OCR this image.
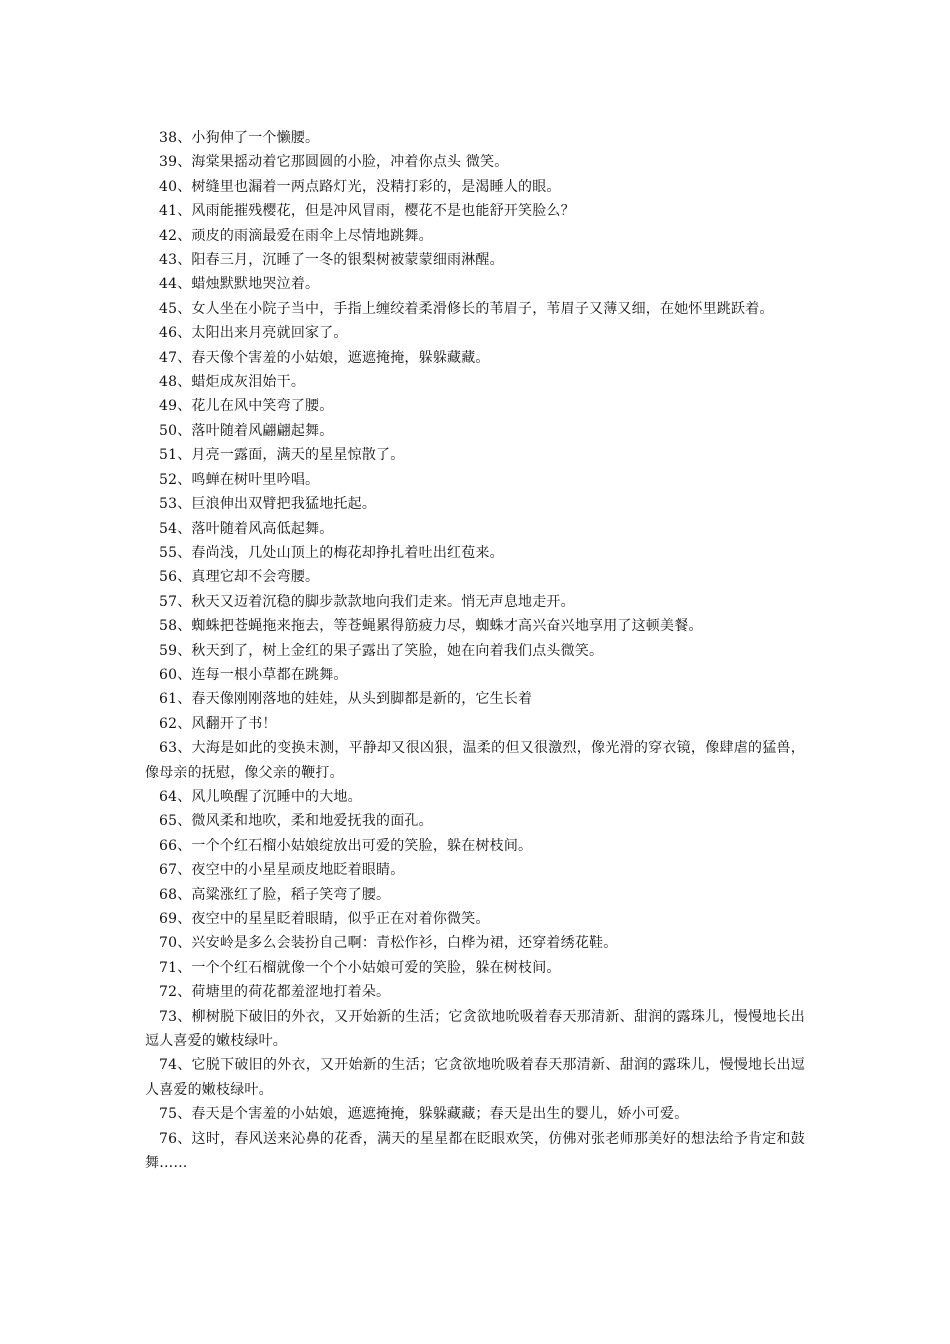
38、小狗伸了一个懒腰。

39、海棠果摇动着它那圆圆的小脸，冲着你点头 微笑。

40、树缝里也漏着一两点路灯光，没精打彩的，是渴睡人的眼。

41、风雨能摧残樱花，但是冲风冒雨，樱花不是也能舒开笑脸么？

42、顽皮的雨滴最爱在雨伞上尽情地跳舞。

43、阳春三月，沉睡了一冬的银梨树被蒙蒙细雨淋醒。

44、蜡烛默默地哭泣着。

45、女人坐在小院子当中，手指上缠绞着柔滑修长的苇眉子，苇眉子又薄又细，在她怀里跳跃着。

46、太阳出来月亮就回家了。

47、春天像个害羞的小姑娘，遮遮掩掩，躲躲藏藏。

48、蜡炬成灰泪始干。

49、花儿在风中笑弯了腰。

50、落叶随着风翩翩起舞。

51、月亮一露面，满天的星星惊散了。

52、鸣蝉在树叶里吟唱。

53、巨浪伸出双臂把我猛地托起。

54、落叶随着风高低起舞。

55、春尚浅，几处山顶上的梅花却挣扎着吐出红苞来。

56、真理它却不会弯腰。

57、秋天又迈着沉稳的脚步款款地向我们走来。悄无声息地走开。

58、蜘蛛把苍蝇拖来拖去，等苍蝇累得筋疲力尽，蜘蛛才高兴奋兴地享用了这顿美餐。

59、秋天到了，树上金红的果子露出了笑脸，她在向着我们点头微笑。

60、连每一根小草都在跳舞。

61、春天像刚刚落地的娃娃，从头到脚都是新的，它生长着

62、风翻开了书！

63、大海是如此的变换末测，平静却又很凶狠，温柔的但又很激烈，像光滑的穿衣镜，像肆虐的猛兽，像母亲的抚慰，像父亲的鞭打。

64、风儿唤醒了沉睡中的大地。

65、微风柔和地吹，柔和地爱抚我的面孔。

66、一个个红石榴小姑娘绽放出可爱的笑脸，躲在树枝间。

67、夜空中的小星星顽皮地眨着眼睛。

68、高粱涨红了脸，稻子笑弯了腰。

69、夜空中的星星眨着眼睛，似乎正在对着你微笑。

70、兴安岭是多么会装扮自己啊：青松作衫，白桦为裙，还穿着绣花鞋。

71、一个个红石榴就像一个个小姑娘可爱的笑脸，躲在树枝间。

72、荷塘里的荷花都羞涩地打着朵。

73、柳树脱下破旧的外衣，又开始新的生活；它贪欲地吮吸着春天那清新、甜润的露珠儿，慢慢地长出逗人喜爱的嫩枝绿叶。

74、它脱下破旧的外衣，又开始新的生活；它贪欲地吮吸着春天那清新、甜润的露珠儿，慢慢地长出逗人喜爱的嫩枝绿叶。

75、春天是个害羞的小姑娘，遮遮掩掩，躲躲藏藏；春天是出生的婴儿，娇小可爱。

76、这时，春风送来沁鼻的花香，满天的星星都在眨眼欢笑，仿佛对张老师那美好的想法给予肯定和鼓舞……
